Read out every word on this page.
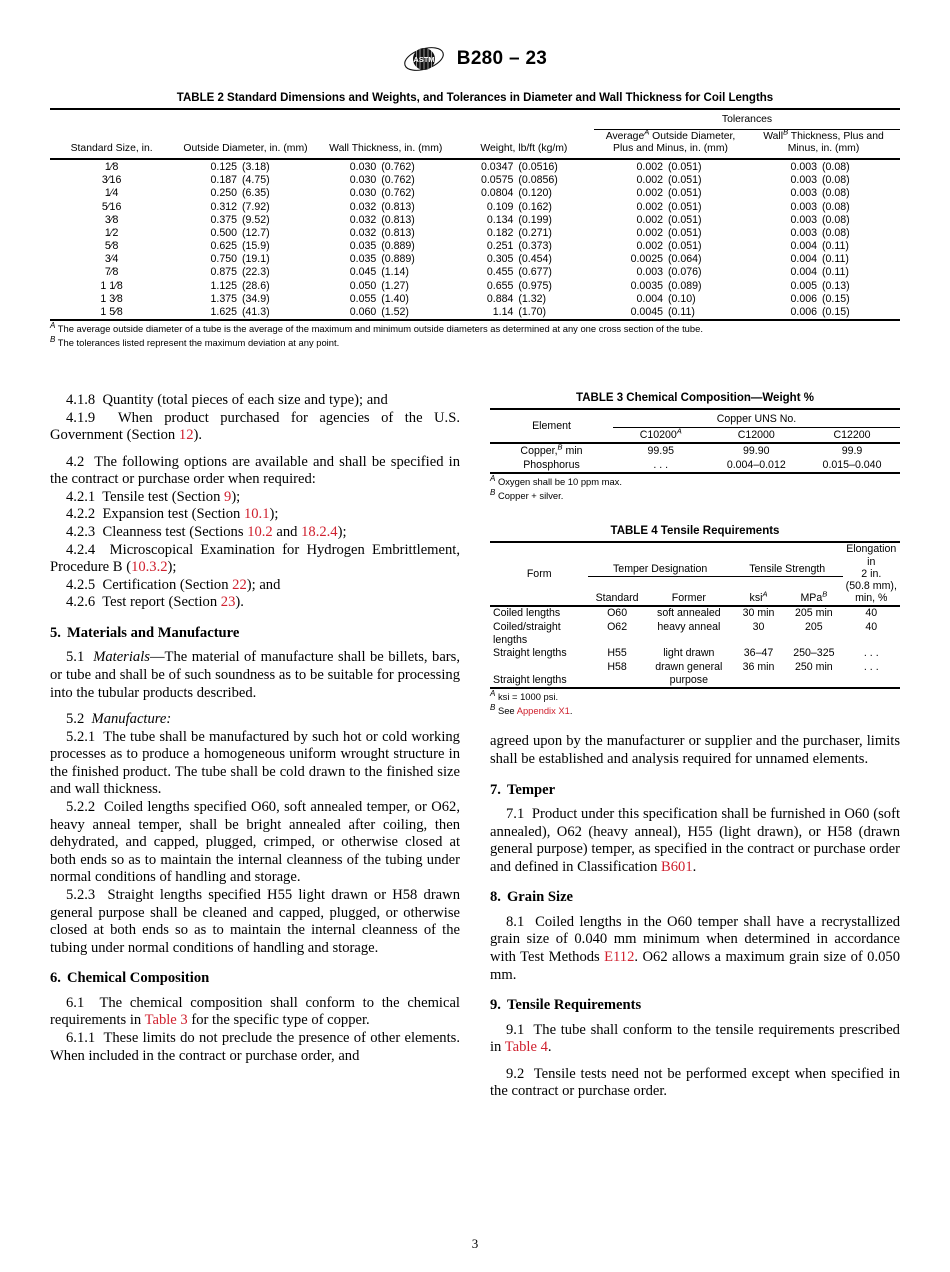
ASTM B280 – 23
TABLE 2 Standard Dimensions and Weights, and Tolerances in Diameter and Wall Thickness for Coil Lengths
				Tolerances	
Standard Size, in.	Outside Diameter, in. (mm)	Wall Thickness, in. (mm)	Weight, lb/ft (kg/m)	Average$^A$ Outside Diameter, Plus and Minus, in. (mm)	Wall$^B$ Thickness, Plus and Minus, in. (mm)

1⁄8	0.125 (3.18)	0.030 (0.762)	0.0347 (0.0516)	0.002 (0.051)	0.003 (0.08)
3⁄16	0.187 (4.75)	0.030 (0.762)	0.0575 (0.0856)	0.002 (0.051)	0.003 (0.08)
1⁄4	0.250 (6.35)	0.030 (0.762)	0.0804 (0.120)	0.002 (0.051)	0.003 (0.08)
5⁄16	0.312 (7.92)	0.032 (0.813)	0.109 (0.162)	0.002 (0.051)	0.003 (0.08)
3⁄8	0.375 (9.52)	0.032 (0.813)	0.134 (0.199)	0.002 (0.051)	0.003 (0.08)
1⁄2	0.500 (12.7)	0.032 (0.813)	0.182 (0.271)	0.002 (0.051)	0.003 (0.08)
5⁄8	0.625 (15.9)	0.035 (0.889)	0.251 (0.373)	0.002 (0.051)	0.004 (0.11)
3⁄4	0.750 (19.1)	0.035 (0.889)	0.305 (0.454)	0.0025 (0.064)	0.004 (0.11)
7⁄8	0.875 (22.3)	0.045 (1.14)	0.455 (0.677)	0.003 (0.076)	0.004 (0.11)
1 1⁄8	1.125 (28.6)	0.050 (1.27)	0.655 (0.975)	0.0035 (0.089)	0.005 (0.13)
1 3⁄8	1.375 (34.9)	0.055 (1.40)	0.884 (1.32)	0.004 (0.10)	0.006 (0.15)
1 5⁄8	1.625 (41.3)	0.060 (1.52)	1.14 (1.70)	0.0045 (0.11)	0.006 (0.15)

A The average outside diameter of a tube is the average of the maximum and minimum outside diameters as determined at any one cross section of the tube.
B The tolerances listed represent the maximum deviation at any point.

4.1.8 Quantity (total pieces of each size and type); and

4.1.9 When product purchased for agencies of the U.S. Government (Section 12).

4.2 The following options are available and shall be specified in the contract or purchase order when required:

4.2.1 Tensile test (Section 9);

4.2.2 Expansion test (Section 10.1);

4.2.3 Cleanness test (Sections 10.2 and 18.2.4);

4.2.4 Microscopical Examination for Hydrogen Embrittlement, Procedure B (10.3.2);

4.2.5 Certification (Section 22); and

4.2.6 Test report (Section 23).

5. Materials and Manufacture

5.1 Materials—The material of manufacture shall be billets, bars, or tube and shall be of such soundness as to be suitable for processing into the tubular products described.

5.2 Manufacture:

5.2.1 The tube shall be manufactured by such hot or cold working processes as to produce a homogeneous uniform wrought structure in the finished product. The tube shall be cold drawn to the finished size and wall thickness.

5.2.2 Coiled lengths specified O60, soft annealed temper, or O62, heavy anneal temper, shall be bright annealed after coiling, then dehydrated, and capped, plugged, crimped, or otherwise closed at both ends so as to maintain the internal cleanness of the tubing under normal conditions of handling and storage.

5.2.3 Straight lengths specified H55 light drawn or H58 drawn general purpose shall be cleaned and capped, plugged, or otherwise closed at both ends so as to maintain the internal cleanness of the tubing under normal conditions of handling and storage.

6. Chemical Composition

6.1 The chemical composition shall conform to the chemical requirements in Table 3 for the specific type of copper.

6.1.1 These limits do not preclude the presence of other elements. When included in the contract or purchase order, and

TABLE 3 Chemical Composition—Weight %
Element	Copper UNS No.		
	$C10200^A$	C12000	C12200

Copper,$^B$ min	99.95	99.90	99.9
Phosphorus	. . .	0.004–0.012	0.015–0.040

A Oxygen shall be 10 ppm max.
B Copper + silver.
TABLE 4 Tensile Requirements
Form	Temper Designation		Tensile Strength		Elongation in
2 in.
(50.8 mm),
min, %
	Standard	Former	ksi$^A$	MPa$^B$

Coiled lengths	O60	soft annealed	30 min	205 min	40
Coiled/straight lengths	O62	heavy anneal	30	205	40
Straight lengths	H55	light drawn	36–47	250–325	. . .
Straight lengths	H58	drawn general purpose	36 min	250 min	. . .

A ksi = 1000 psi.
B See Appendix X1.

agreed upon by the manufacturer or supplier and the purchaser, limits shall be established and analysis required for unnamed elements.

7. Temper

7.1 Product under this specification shall be furnished in O60 (soft annealed), O62 (heavy anneal), H55 (light drawn), or H58 (drawn general purpose) temper, as specified in the contract or purchase order and defined in Classification B601.

8. Grain Size

8.1 Coiled lengths in the O60 temper shall have a recrystallized grain size of 0.040 mm minimum when determined in accordance with Test Methods E112. O62 allows a maximum grain size of 0.050 mm.

9. Tensile Requirements

9.1 The tube shall conform to the tensile requirements prescribed in Table 4.

9.2 Tensile tests need not be performed except when specified in the contract or purchase order.

3
